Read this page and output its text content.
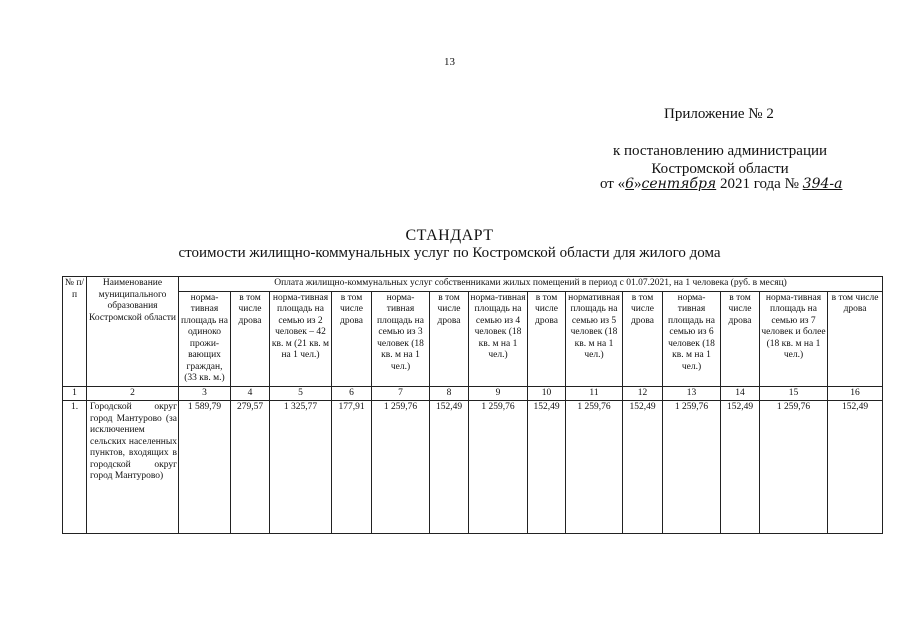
13
Приложение № 2
к постановлению администрации
Костромской области
от «6»сентября 2021 года № 394-а
СТАНДАРТ
стоимости жилищно-коммунальных услуг по Костромской области для жилого дома
№ п/п	Наименование муниципального образования Костромской области	Оплата жилищно-коммунальных услуг собственниками жилых помещений в период с 01.07.2021, на 1 человека (руб. в месяц)													
		норма-тивная площадь на одиноко прожи-вающих граждан, (33 кв. м.)	в том числе дрова	норма-тивная площадь на семью из 2 человек – 42 кв. м (21 кв. м на 1 чел.)	в том числе дрова	норма-тивная площадь на семью из 3 человек (18 кв. м на 1 чел.)	в том числе дрова	норма-тивная площадь на семью из 4 человек (18 кв. м на 1 чел.)	в том числе дрова	нормативная площадь на семью из 5 человек (18 кв. м на 1 чел.)	в том числе дрова	норма-тивная площадь на семью из 6 человек (18 кв. м на 1 чел.)	в том числе дрова	норма-тивная площадь на семью из 7 человек и более (18 кв. м на 1 чел.)	в том числе дрова
1	2	3	4	5	6	7	8	9	10	11	12	13	14	15	16
1.	Городской округ город Мантурово (за исключением сельских населенных пунктов, входящих в городской округ город Мантурово)	1 589,79	279,57	1 325,77	177,91	1 259,76	152,49	1 259,76	152,49	1 259,76	152,49	1 259,76	152,49	1 259,76	152,49
